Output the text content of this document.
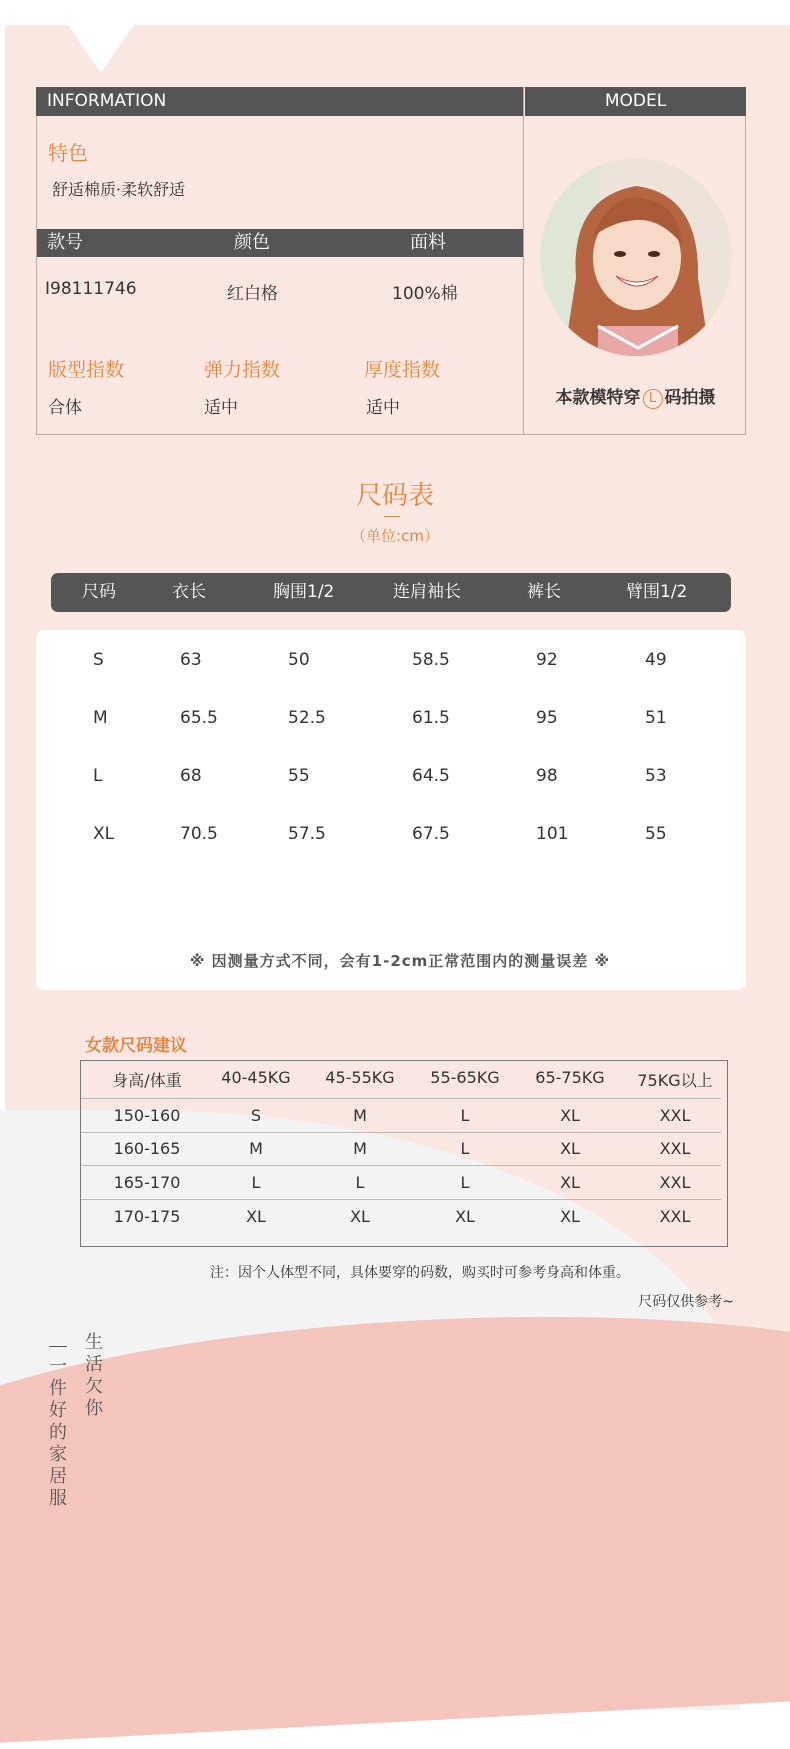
INFORMATION	MODEL
特色
舒适棉质·柔软舒适
款号	颜色	面料
I98111746	红白格	100%棉
版型指数	弹力指数	厚度指数
合体	适中	适中	本款模特穿 L 码拍摄
尺码表
（单位:cm）
尺码	衣长	胸围1/2	连肩袖长	裤长	臂围1/2
S	63	50	58.5	92	49
M	65.5	52.5	61.5	95	51
L	68	55	64.5	98	53
XL	70.5	57.5	67.5	101	55
※ 因测量方式不同，会有1-2cm正常范围内的测量误差 ※
女款尺码建议
身高/体重	40-45KG	45-55KG	55-65KG	65-75KG	75KG以上
150-160	S	M	L	XL	XXL
160-165	M	M	L	XL	XXL
165-170	L	L	L	XL	XXL
170-175	XL	XL	XL	XL	XXL
注：因个人体型不同，具体要穿的码数，购买时可参考身高和体重。
尺码仅供参考~
一件好的家居服
生活欠你
